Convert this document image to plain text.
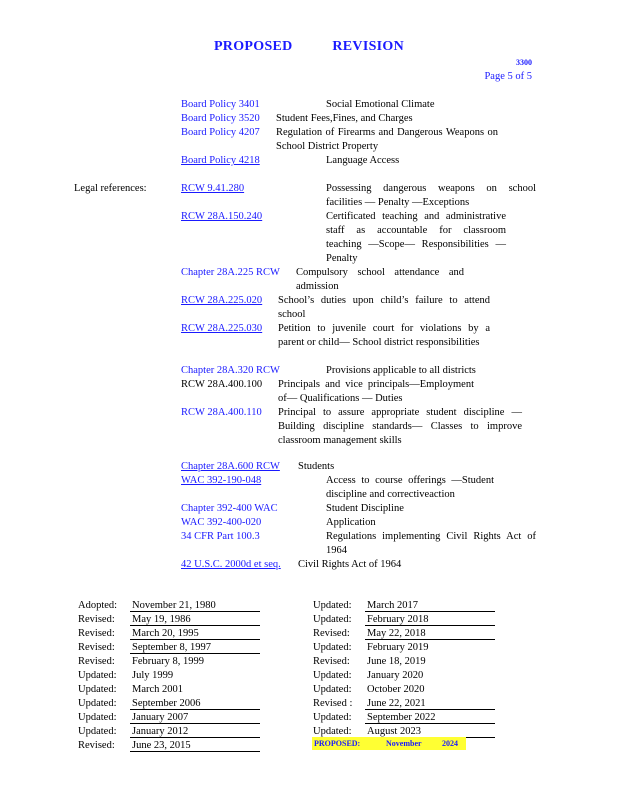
PROPOSED REVISION
3300
Page 5 of 5
Board Policy 3401	Social Emotional Climate
Board Policy 3520 Student Fees,Fines, and Charges
Board Policy 4207 Regulation of Firearms and Dangerous Weapons on School District Property
Board Policy 4218	Language Access
Legal references:	RCW 9.41.280	Possessing dangerous weapons on school facilities — Penalty —Exceptions
RCW 28A.150.240	Certificated teaching and administrative staff as accountable for classroom teaching —Scope— Responsibilities — Penalty
Chapter 28A.225 RCW Compulsory school attendance and admission
RCW 28A.225.020 School’s duties upon child’s failure to attend school
RCW 28A.225.030 Petition to juvenile court for violations by a parent or child— School district responsibilities
Chapter 28A.320 RCW	Provisions applicable to all districts
RCW 28A.400.100 Principals and vice principals—Employment of— Qualifications — Duties
RCW 28A.400.110 Principal to assure appropriate student discipline —Building discipline standards— Classes to improve classroom management skills
Chapter 28A.600 RCW Students
WAC 392-190-048	Access to course offerings —Student discipline and correctiveaction
Chapter 392-400 WAC	Student Discipline
WAC 392-400-020	Application
34 CFR Part 100.3	Regulations implementing Civil Rights Act of 1964
42 U.S.C. 2000d et seq. Civil Rights Act of 1964
Adopted: November 21, 1980
Revised: May 19, 1986
Revised: March 20, 1995
Revised: September 8, 1997
Revised: February 8, 1999
Updated: July 1999
Updated: March 2001
Updated: September 2006
Updated: January 2007
Updated: January 2012
Revised: June 23, 2015
Updated: March 2017
Updated: February 2018
Revised: May 22, 2018
Updated: February 2019
Revised: June 18, 2019
Updated: January 2020
Updated: October 2020
Revised : June 22, 2021
Updated: September 2022
Updated: August 2023
PROPOSED:	November	2024
